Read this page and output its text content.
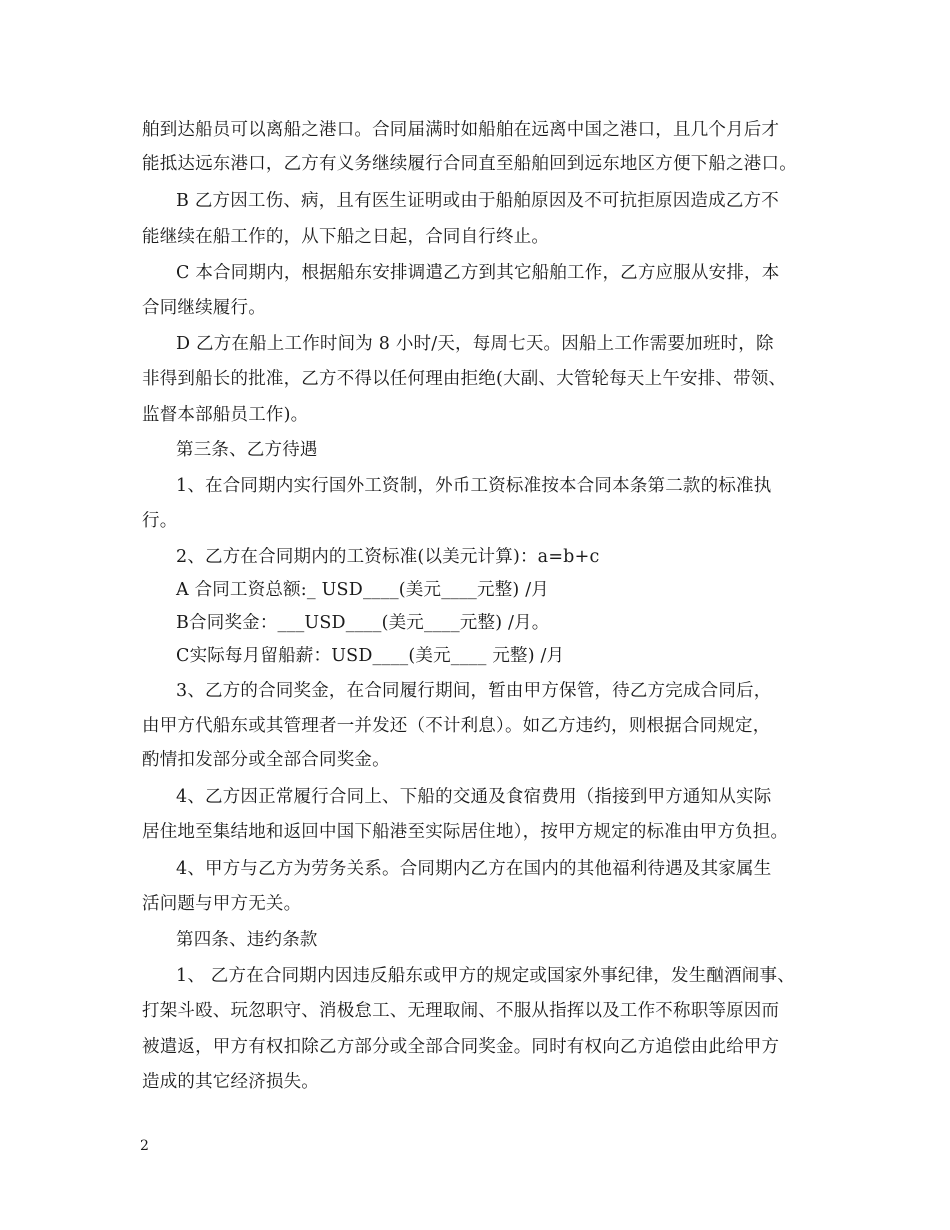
舶到达船员可以离船之港口。合同届满时如船舶在远离中国之港口，且几个月后才
能抵达远东港口，乙方有义务继续履行合同直至船舶回到远东地区方便下船之港口。
B 乙方因工伤、病，且有医生证明或由于船舶原因及不可抗拒原因造成乙方不
能继续在船工作的，从下船之日起，合同自行终止。
C 本合同期内，根据船东安排调遣乙方到其它船舶工作，乙方应服从安排，本
合同继续履行。
D 乙方在船上工作时间为 8 小时/天，每周七天。因船上工作需要加班时，除
非得到船长的批准，乙方不得以任何理由拒绝(大副、大管轮每天上午安排、带领、
监督本部船员工作)。
第三条、乙方待遇
1、在合同期内实行国外工资制，外币工资标准按本合同本条第二款的标准执
行。
2、乙方在合同期内的工资标准(以美元计算)：a=b+c
A 合同工资总额:_ USD____(美元____元整) /月
B合同奖金：___USD____(美元____元整) /月。
C实际每月留船薪：USD____(美元____ 元整) /月
3、乙方的合同奖金，在合同履行期间，暂由甲方保管，待乙方完成合同后，
由甲方代船东或其管理者一并发还（不计利息）。如乙方违约，则根据合同规定，
酌情扣发部分或全部合同奖金。
4、乙方因正常履行合同上、下船的交通及食宿费用（指接到甲方通知从实际
居住地至集结地和返回中国下船港至实际居住地），按甲方规定的标准由甲方负担。
4、甲方与乙方为劳务关系。合同期内乙方在国内的其他福利待遇及其家属生
活问题与甲方无关。
第四条、违约条款
1、 乙方在合同期内因违反船东或甲方的规定或国家外事纪律，发生酗酒闹事、
打架斗殴、玩忽职守、消极怠工、无理取闹、不服从指挥以及工作不称职等原因而
被遣返，甲方有权扣除乙方部分或全部合同奖金。同时有权向乙方追偿由此给甲方
造成的其它经济损失。
2
